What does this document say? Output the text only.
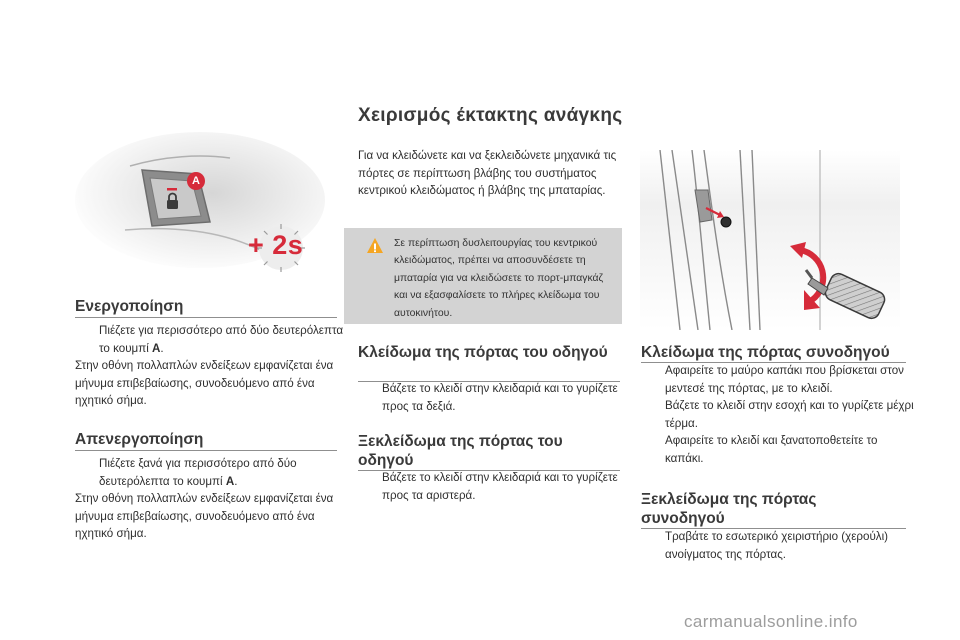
A
+ 2s
Ενεργοποίηση
Πιέζετε για περισσότερο από δύο δευτερόλεπτα το κουμπί A.
Στην οθόνη πολλαπλών ενδείξεων εμφανίζεται ένα μήνυμα επιβεβαίωσης, συνοδευόμενο από ένα ηχητικό σήμα.
Απενεργοποίηση
Πιέζετε ξανά για περισσότερο από δύο δευτερόλεπτα το κουμπί A.
Στην οθόνη πολλαπλών ενδείξεων εμφανίζεται ένα μήνυμα επιβεβαίωσης, συνοδευόμενο από ένα ηχητικό σήμα.
Χειρισμός έκτακτης ανάγκης
Για να κλειδώνετε και να ξεκλειδώνετε μηχανικά τις πόρτες σε περίπτωση βλάβης του συστήματος κεντρικού κλειδώματος ή βλάβης της μπαταρίας.
Σε περίπτωση δυσλειτουργίας του κεντρικού κλειδώματος, πρέπει να αποσυνδέσετε τη μπαταρία για να κλειδώσετε το πορτ-μπαγκάζ και να εξασφαλίσετε το πλήρες κλείδωμα του αυτοκινήτου.
Κλείδωμα της πόρτας του οδηγού
Βάζετε το κλειδί στην κλειδαριά και το γυρίζετε προς τα δεξιά.
Ξεκλείδωμα της πόρτας του οδηγού
Βάζετε το κλειδί στην κλειδαριά και το γυρίζετε προς τα αριστερά.
Κλείδωμα της πόρτας συνοδηγού
Αφαιρείτε το μαύρο καπάκι που βρίσκεται στον μεντεσέ της πόρτας, με το κλειδί.
Βάζετε το κλειδί στην εσοχή και το γυρίζετε μέχρι τέρμα.
Αφαιρείτε το κλειδί και ξανατοποθετείτε το καπάκι.
Ξεκλείδωμα της πόρτας συνοδηγού
Τραβάτε το εσωτερικό χειριστήριο (χερούλι) ανοίγματος της πόρτας.
carmanualsonline.info
